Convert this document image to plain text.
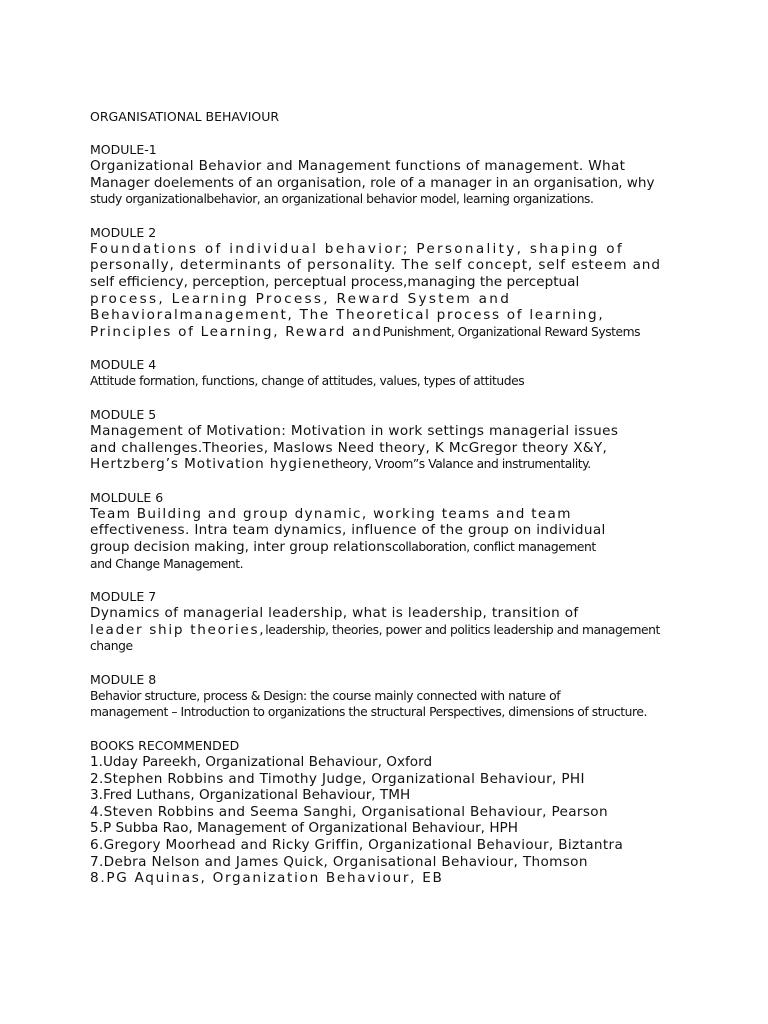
ORGANISATIONAL BEHAVIOUR
MODULE-1
Organizational Behavior and Management functions of management. What
Manager doelements of an organisation, role of a manager in an organisation, why
study organizationalbehavior, an organizational behavior model, learning organizations.
MODULE 2
Foundations of individual behavior; Personality, shaping of
personally, determinants of personality. The self concept, self esteem and
self efficiency, perception, perceptual process,managing the perceptual
process, Learning Process, Reward System and
Behavioralmanagement, The Theoretical process of learning,
Principles of Learning, Reward andPunishment, Organizational Reward Systems
MODULE 4
Attitude formation, functions, change of attitudes, values, types of attitudes
MODULE 5
Management of Motivation: Motivation in work settings managerial issues
and challenges.Theories, Maslows Need theory, K McGregor theory X&Y,
Hertzberg’s Motivation hygienetheory, Vroom”s Valance and instrumentality.
MOLDULE 6
Team Building and group dynamic, working teams and team
effectiveness. Intra team dynamics, influence of the group on individual
group decision making, inter group relationscollaboration, conflict management
and Change Management.
MODULE 7
Dynamics of managerial leadership, what is leadership, transition of
leader ship theories,leadership, theories, power and politics leadership and management
change
MODULE 8
Behavior structure, process & Design: the course mainly connected with nature of
management – Introduction to organizations the structural Perspectives, dimensions of structure.
BOOKS RECOMMENDED
1.Uday Pareekh, Organizational Behaviour, Oxford
2.Stephen Robbins and Timothy Judge, Organizational Behaviour, PHI
3.Fred Luthans, Organizational Behaviour, TMH
4.Steven Robbins and Seema Sanghi, Organisational Behaviour, Pearson
5.P Subba Rao, Management of Organizational Behaviour, HPH
6.Gregory Moorhead and Ricky Griffin, Organizational Behaviour, Biztantra
7.Debra Nelson and James Quick, Organisational Behaviour, Thomson
8.PG Aquinas, Organization Behaviour, EB
